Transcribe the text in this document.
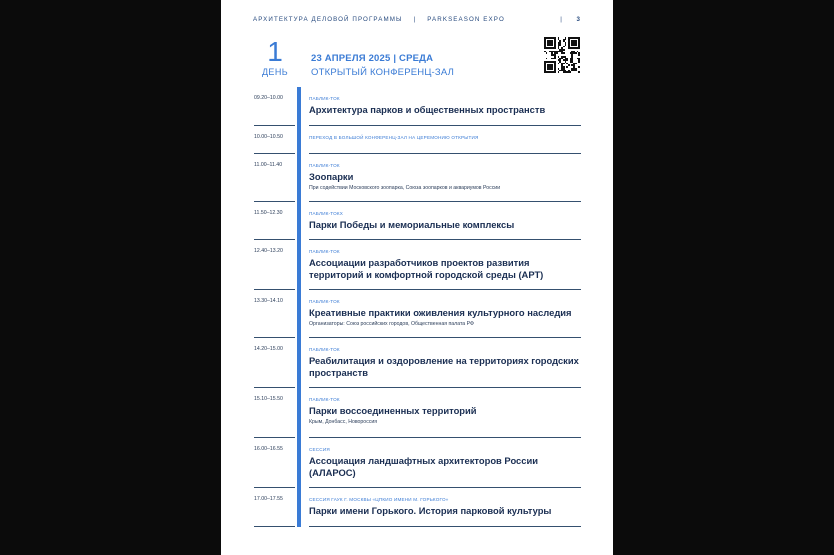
АРХИТЕКТУРА ДЕЛОВОЙ ПРОГРАММЫ | PARKSEASON EXPO	| 3
1
ДЕНЬ
23 АПРЕЛЯ 2025 | СРЕДА
ОТКРЫТЫЙ КОНФЕРЕНЦ-ЗАЛ
09.20–10.00	ПАБЛИК-ТОК
Архитектура парков и общественных пространств
10.00–10.50	ПЕРЕХОД В БОЛЬШОЙ КОНФЕРЕНЦ-ЗАЛ НА ЦЕРЕМОНИЮ ОТКРЫТИЯ
11.00–11.40	ПАБЛИК-ТОК
Зоопарки
При содействии Московского зоопарка, Союза зоопарков и аквариумов России
11.50–12.30	ПАБЛИК-ТОКХ
Парки Победы и мемориальные комплексы
12.40–13.20	ПАБЛИК-ТОК
Ассоциации разработчиков проектов развития территорий и комфортной городской среды (АРТ)
13.30–14.10	ПАБЛИК-ТОК
Креативные практики оживления культурного наследия
Организаторы: Союз российских городов, Общественная палата РФ
14.20–15.00	ПАБЛИК-ТОК
Реабилитация и оздоровление на территориях городских пространств
15.10–15.50	ПАБЛИК-ТОК
Парки воссоединенных территорий
Крым, Донбасс, Новороссия
16.00–16.55	СЕССИЯ
Ассоциация ландшафтных архитекторов России (АЛАРОС)
17.00–17.55	СЕССИЯ ГАУК Г. МОСКВЫ «ЦПКИО ИМЕНИ М. ГОРЬКОГО»
Парки имени Горького. История парковой культуры
